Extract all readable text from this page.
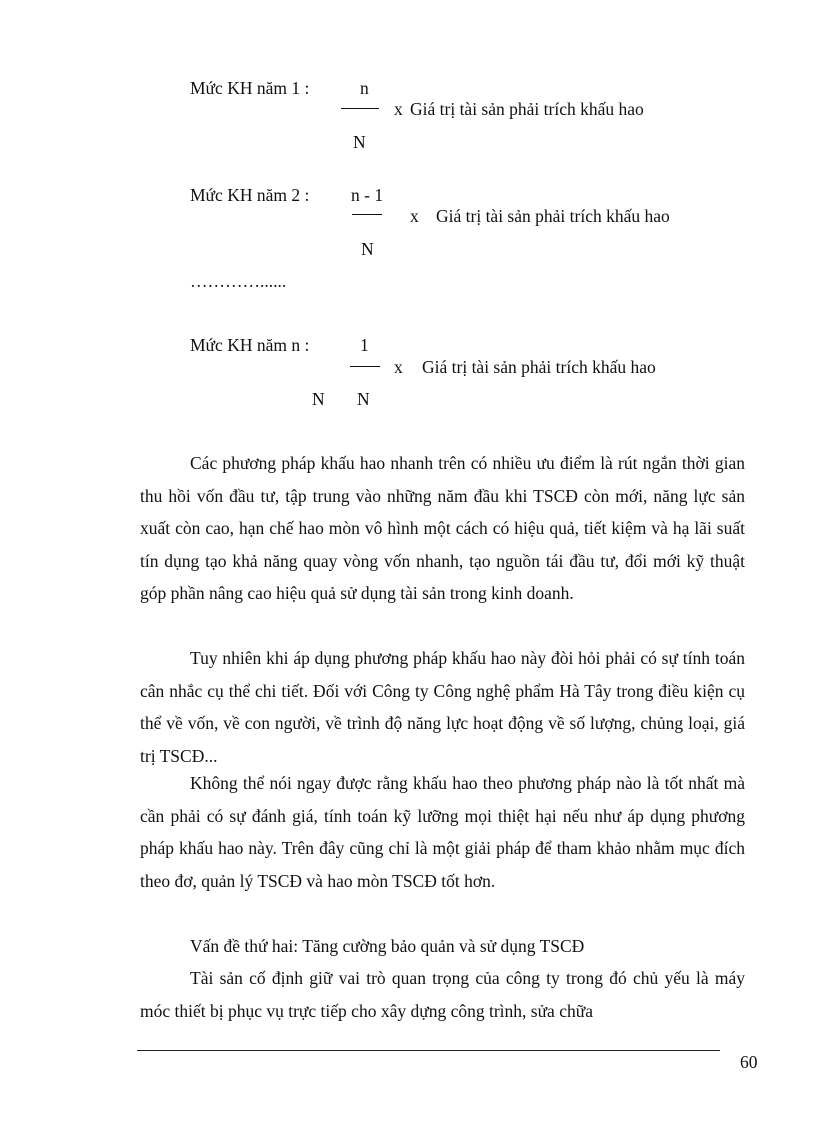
Mức KH năm 1 :	n
x Giá trị tài sản phải trích khấu hao
N
Mức KH năm 2 : n - 1
x Giá trị tài sản phải trích khấu hao
N
…………......
Mức KH năm n :	1
x Giá trị tài sản phải trích khấu hao
N N
Các phương pháp khấu hao nhanh trên có nhiều ưu điểm là rút ngắn thời gian thu hồi vốn đầu tư, tập trung vào những năm đầu khi TSCĐ còn mới, năng lực sản xuất còn cao, hạn chế hao mòn vô hình một cách có hiệu quả, tiết kiệm và hạ lãi suất tín dụng tạo khả năng quay vòng vốn nhanh, tạo nguồn tái đầu tư, đổi mới kỹ thuật góp phần nâng cao hiệu quả sử dụng tài sản trong kinh doanh.
Tuy nhiên khi áp dụng phương pháp khấu hao này đòi hỏi phải có sự tính toán cân nhắc cụ thể chi tiết. Đối với Công ty Công nghệ phẩm Hà Tây trong điều kiện cụ thể về vốn, về con người, về trình độ năng lực hoạt động về số lượng, chủng loại, giá trị TSCĐ...
Không thể nói ngay được rằng khấu hao theo phương pháp nào là tốt nhất mà cần phải có sự đánh giá, tính toán kỹ lưỡng mọi thiệt hại nếu như áp dụng phương pháp khấu hao này. Trên đây cũng chỉ là một giải pháp để tham khảo nhằm mục đích theo đơ, quản lý TSCĐ và hao mòn TSCĐ tốt hơn.
Vấn đề thứ hai: Tăng cường bảo quản và sử dụng TSCĐ
Tài sản cố định giữ vai trò quan trọng của công ty trong đó chủ yếu là máy móc thiết bị phục vụ trực tiếp cho xây dựng công trình, sửa chữa
60
